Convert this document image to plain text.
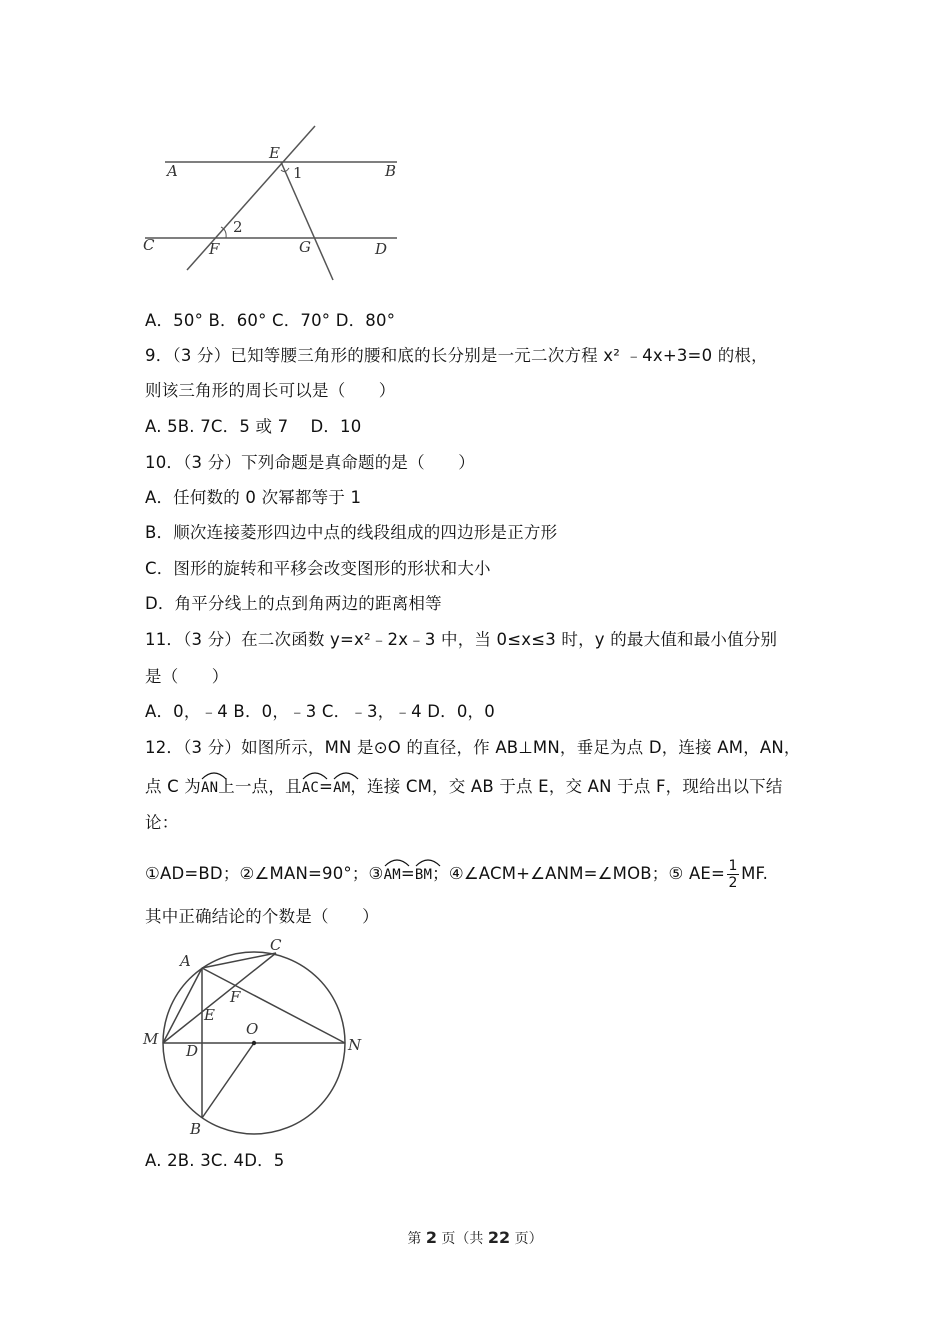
A	B
C	D
E
F	G
1
2
A．50° B．60° C．70° D．80°
9．（3 分）已知等腰三角形的腰和底的长分别是一元二次方程 x² ﹣4x+3=0 的根，
则该三角形的周长可以是（　　）
A. 5B. 7C．5 或 7　 D．10
10．（3 分）下列命题是真命题的是（　　）
A．任何数的 0 次幂都等于 1
B．顺次连接菱形四边中点的线段组成的四边形是正方形
C．图形的旋转和平移会改变图形的形状和大小
D．角平分线上的点到角两边的距离相等
11．（3 分）在二次函数 y=x²﹣2x﹣3 中，当 0≤x≤3 时，y 的最大值和最小值分别
是（　　）
A．0，﹣4 B．0，﹣3 C．﹣3，﹣4 D．0，0
12．（3 分）如图所示，MN 是⊙O 的直径，作 AB⊥MN，垂足为点 D，连接 AM，AN，
点 C 为
AN上一点，且
AC=
AM，连接 CM，交 AB 于点 E，交 AN 于点 F，现给出以下结
论：
①AD=BD；②∠MAN=90°；③
AM=
BM；④∠ACM+∠ANM=∠MOB；⑤ $AE= \frac{1}{2}$ MF.
其中正确结论的个数是（　　）
A
C
F
E
M
D
O
N
B
A. 2B. 3C. 4D．5
第 2 页（共 22 页）
